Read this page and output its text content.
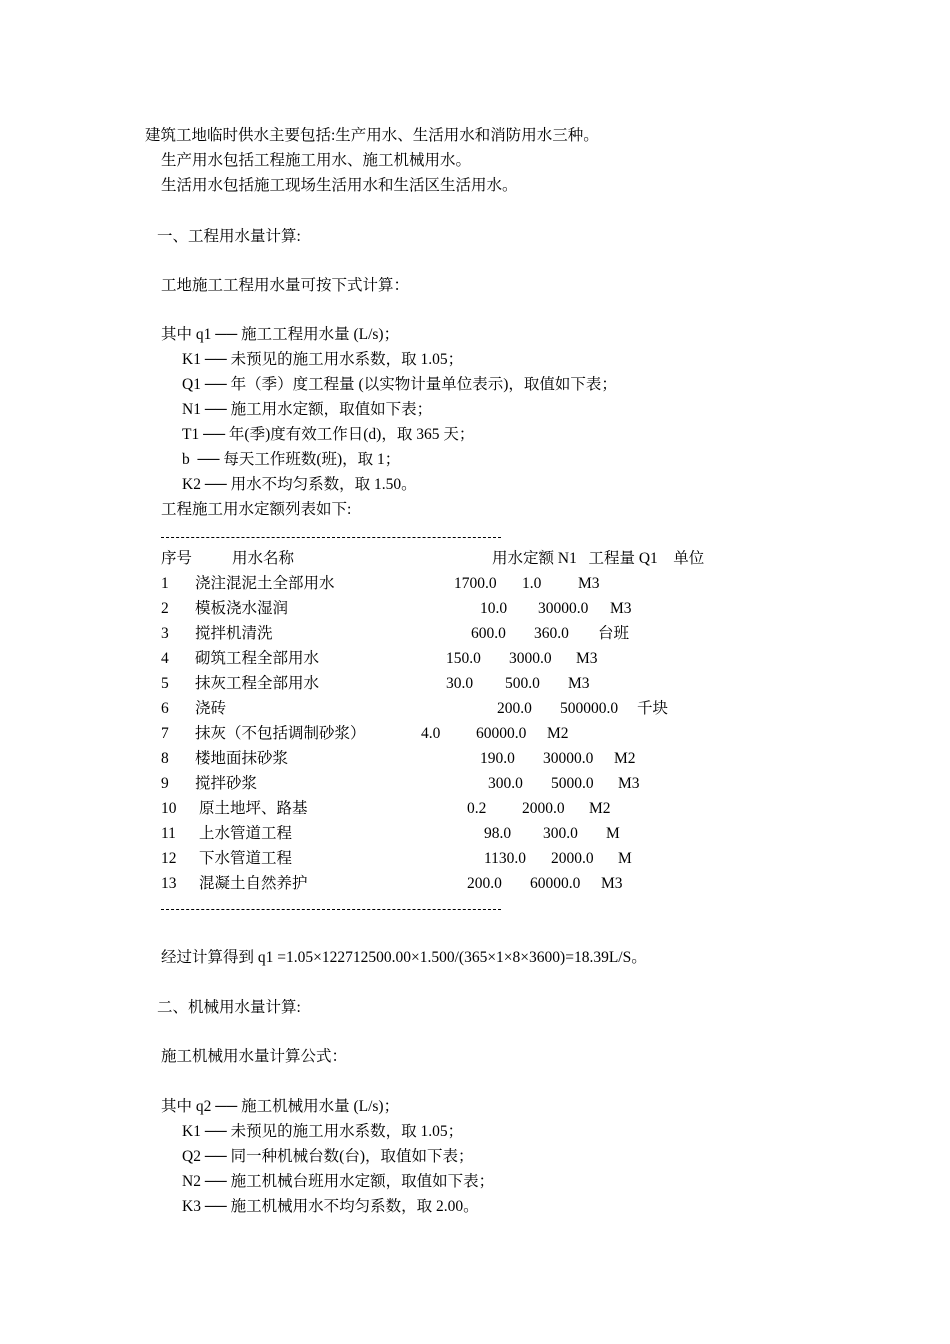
建筑工地临时供水主要包括:生产用水、生活用水和消防用水三种。
生产用水包括工程施工用水、施工机械用水。
生活用水包括施工现场生活用水和生活区生活用水。
一、工程用水量计算:
工地施工工程用水量可按下式计算：
其中 q1 ── 施工工程用水量 (L/s)；
K1 ── 未预见的施工用水系数，取 1.05；
Q1 ── 年（季）度工程量 (以实物计量单位表示)，取值如下表；
N1 ── 施工用水定额，取值如下表；
T1 ── 年(季)度有效工作日(d)，取 365 天；
b  ── 每天工作班数(班)，取 1；
K2 ── 用水不均匀系数，取 1.50。
工程施工用水定额列表如下:
序号	用水名称	用水定额 N1   工程量 Q1    单位
1 浇注混泥土全部用水	1700.0 1.0 M3
2 模板浇水湿润	10.0 30000.0 M3
3 搅拌机清洗	600.0 360.0 台班
4 砌筑工程全部用水	150.0 3000.0 M3
5 抹灰工程全部用水	30.0 500.0 M3
6 浇砖	200.0 500000.0 千块
7 抹灰（不包括调制砂浆）	4.0 60000.0 M2
8 楼地面抹砂浆	190.0 30000.0 M2
9 搅拌砂浆	300.0 5000.0 M3
10 原土地坪、路基	0.2 2000.0 M2
11 上水管道工程	98.0 300.0 M
12 下水管道工程	1130.0 2000.0 M
13 混凝土自然养护	200.0 60000.0 M3
经过计算得到 q1 =1.05×122712500.00×1.500/(365×1×8×3600)=18.39L/S。
二、机械用水量计算:
施工机械用水量计算公式：
其中 q2 ── 施工机械用水量 (L/s)；
K1 ── 未预见的施工用水系数，取 1.05；
Q2 ── 同一种机械台数(台)，取值如下表；
N2 ── 施工机械台班用水定额，取值如下表；
K3 ── 施工机械用水不均匀系数，取 2.00。
